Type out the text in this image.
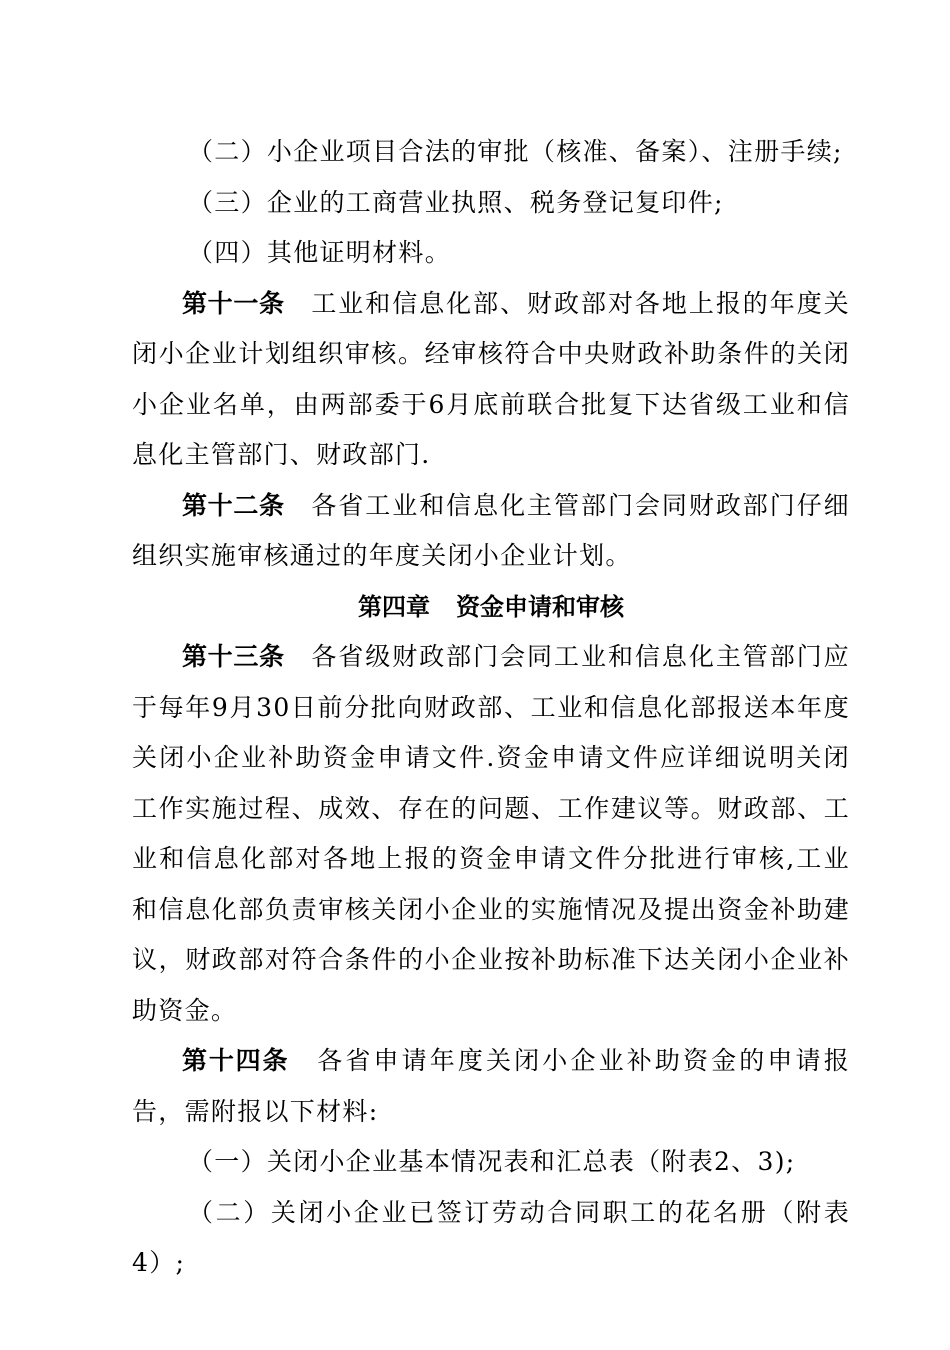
（二）小企业项目合法的审批（核准、备案）、注册手续;

（三）企业的工商营业执照、税务登记复印件;

（四）其他证明材料。

第十一条 工业和信息化部、财政部对各地上报的年度关闭小企业计划组织审核。经审核符合中央财政补助条件的关闭小企业名单，由两部委于6月底前联合批复下达省级工业和信息化主管部门、财政部门.

第十二条 各省工业和信息化主管部门会同财政部门仔细组织实施审核通过的年度关闭小企业计划。

第四章 资金申请和审核

第十三条 各省级财政部门会同工业和信息化主管部门应于每年9月30日前分批向财政部、工业和信息化部报送本年度关闭小企业补助资金申请文件.资金申请文件应详细说明关闭工作实施过程、成效、存在的问题、工作建议等。财政部、工业和信息化部对各地上报的资金申请文件分批进行审核,工业和信息化部负责审核关闭小企业的实施情况及提出资金补助建议，财政部对符合条件的小企业按补助标准下达关闭小企业补助资金。

第十四条 各省申请年度关闭小企业补助资金的申请报告，需附报以下材料:

（一）关闭小企业基本情况表和汇总表（附表2、3);

（二）关闭小企业已签订劳动合同职工的花名册（附表4）;
